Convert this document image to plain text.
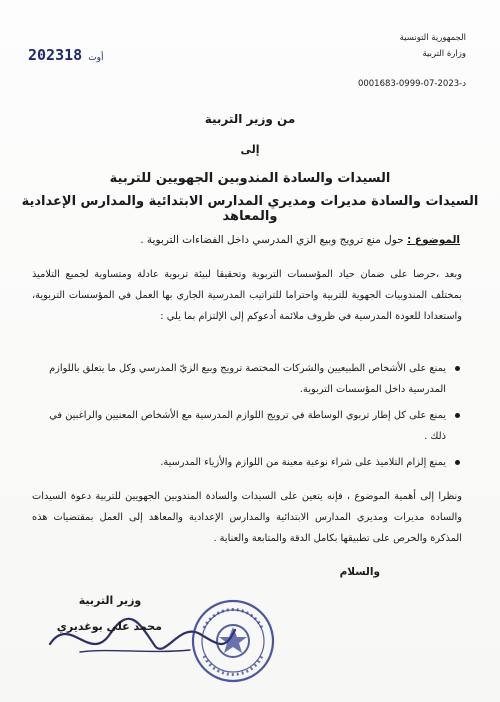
الجمهورية التونسية
وزارة التربية
2023	أوت18
د-2023-07-0999-0001683
من وزير التربية
إلى
السيدات والسادة المندوبين الجهويين للتربية
السيدات والسادة مديرات ومديري المدارس الابتدائية والمدارس الإعدادية والمعاهد
الموضوع : حول منع ترويج وبيع الزي المدرسي داخل الفضاءات التربوية .
وبعد ،حرصا على ضمان حياد المؤسسات التربوية وتحقيقا لبيئة تربوية عادلة ومتساوية لجميع التلاميذ بمختلف المندوبيات الجهوية للتربية واحتراما للتراتيب المدرسية الجاري بها العمل في المؤسسات التربوية، واستعدادا للعودة المدرسية في ظروف ملائمة أدعوكم إلى الإلتزام بما يلي :
يمنع على الأشخاص الطبيعيين والشركات المختصة ترويج وبيع الزيّ المدرسي وكل ما يتعلق باللوازم المدرسية داخل المؤسسات التربوية.
يمنع على كل إطار تربوي الوساطة في ترويج اللوازم المدرسية مع الأشخاص المعنيين والراغبين في ذلك .
يمنع إلزام التلاميذ على شراء نوعية معينة من اللوازم والأزياء المدرسية.
ونظرا إلى أهمية الموضوع ، فإنه يتعين على السيدات والسادة المندوبين الجهويين للتربية دعوة السيدات والسادة مديرات ومديري المدارس الابتدائية والمدارس الإعدادية والمعاهد إلى العمل بمقتضيات هذه المذكرة والحرص على تطبيقها بكامل الدقة والمتابعة والعناية .
والسلام
وزير التربية
محمد علي بوغديري
